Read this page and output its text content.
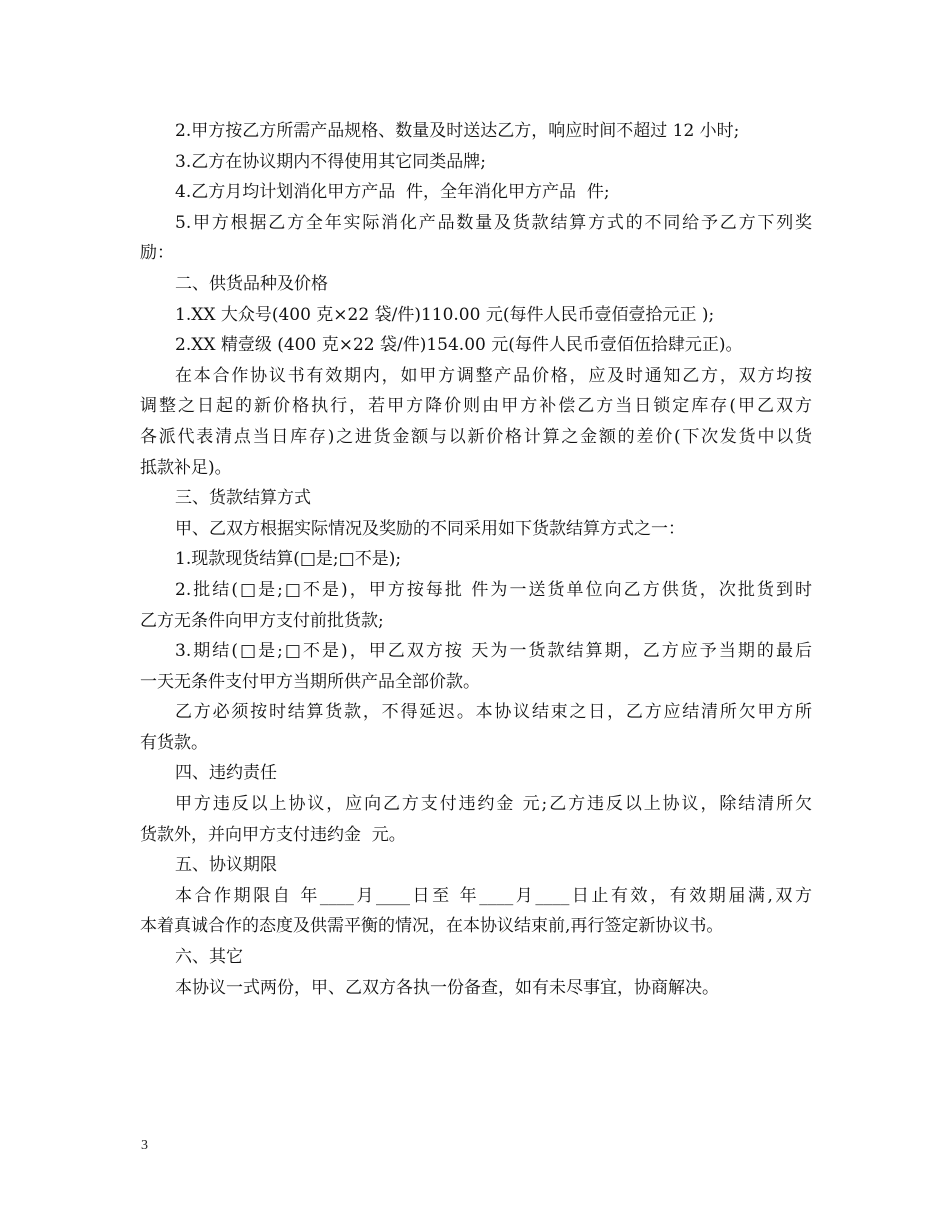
2.甲方按乙方所需产品规格、数量及时送达乙方，响应时间不超过 12 小时;
3.乙方在协议期内不得使用其它同类品牌;
4.乙方月均计划消化甲方产品  件，全年消化甲方产品  件;
5.甲方根据乙方全年实际消化产品数量及货款结算方式的不同给予乙方下列奖
励：
二、供货品种及价格
1.XX 大众号(400 克×22 袋/件)110.00 元(每件人民币壹佰壹拾元正 );
2.XX 精壹级 (400 克×22 袋/件)154.00 元(每件人民币壹佰伍拾肆元正)。
在本合作协议书有效期内，如甲方调整产品价格，应及时通知乙方，双方均按
调整之日起的新价格执行，若甲方降价则由甲方补偿乙方当日锁定库存(甲乙双方
各派代表清点当日库存)之进货金额与以新价格计算之金额的差价(下次发货中以货
抵款补足)。
三、货款结算方式
甲、乙双方根据实际情况及奖励的不同采用如下货款结算方式之一：
1.现款现货结算(□是;□不是);
2.批结(□是;□不是)，甲方按每批 件为一送货单位向乙方供货，次批货到时
乙方无条件向甲方支付前批货款;
3.期结(□是;□不是)，甲乙双方按 天为一货款结算期，乙方应予当期的最后
一天无条件支付甲方当期所供产品全部价款。
乙方必须按时结算货款，不得延迟。本协议结束之日，乙方应结清所欠甲方所
有货款。
四、违约责任
甲方违反以上协议，应向乙方支付违约金 元;乙方违反以上协议，除结清所欠
货款外，并向甲方支付违约金  元。
五、协议期限
本合作期限自 年____月____日至 年____月____日止有效，有效期届满,双方
本着真诚合作的态度及供需平衡的情况，在本协议结束前,再行签定新协议书。
六、其它
本协议一式两份，甲、乙双方各执一份备查，如有未尽事宜，协商解决。
3
